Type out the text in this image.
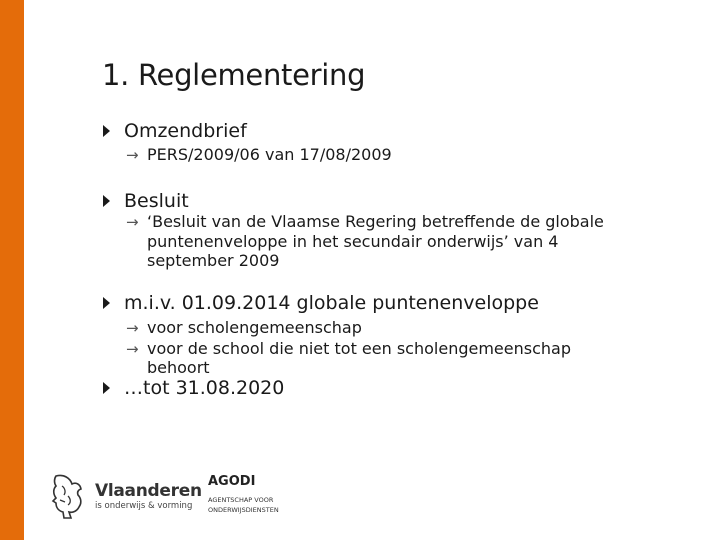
1. Reglementering
Omzendbrief
→ PERS/2009/06 van 17/08/2009
Besluit
→ ‘Besluit van de Vlaamse Regering betreffende de globale
puntenenveloppe in het secundair onderwijs’ van 4
september 2009
m.i.v. 01.09.2014 globale puntenenveloppe
→ voor scholengemeenschap
→ voor de school die niet tot een scholengemeenschap
behoort
…tot 31.08.2020
Vlaanderen
is onderwijs & vorming
AGODI
AGENTSCHAP VOOR
ONDERWIJSDIENSTEN
